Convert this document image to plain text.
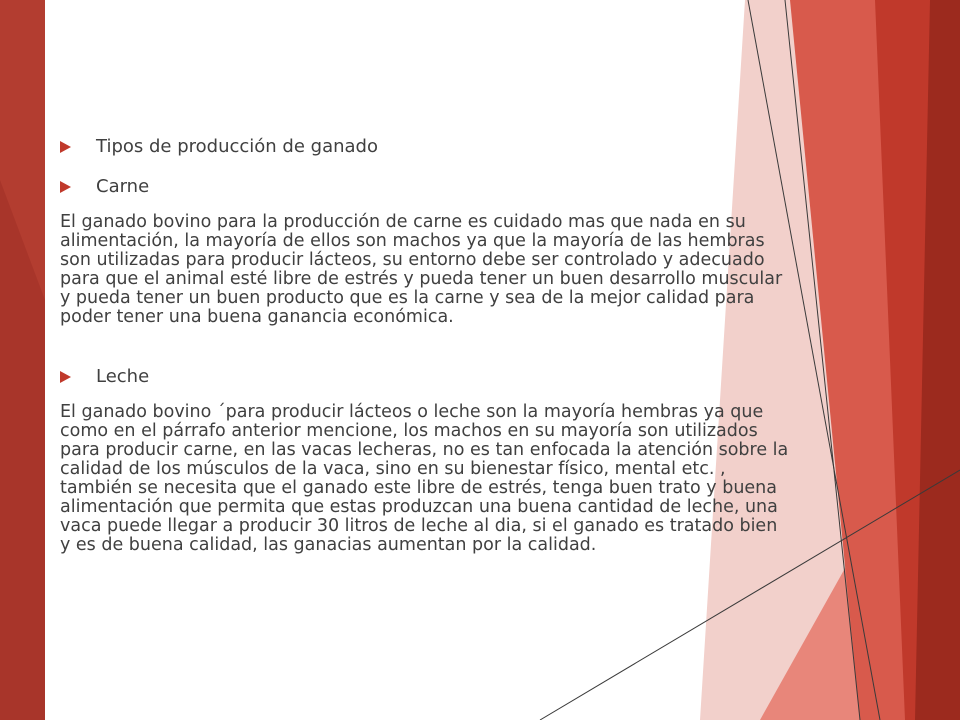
Tipos de producción de ganado
Carne
El ganado bovino para la producción de carne es cuidado mas que nada en su
alimentación, la mayoría de ellos son machos ya que la mayoría de las hembras
son utilizadas para producir lácteos, su entorno debe ser controlado y adecuado
para que el animal esté libre de estrés y pueda tener un buen desarrollo muscular
y pueda tener un buen producto que es la carne y sea de la mejor calidad para
poder tener una buena ganancia económica.
Leche
El ganado bovino ´para producir lácteos o leche son la mayoría hembras ya que
como en el párrafo anterior mencione, los machos en su mayoría son utilizados
para producir carne, en las vacas lecheras, no es tan enfocada la atención sobre la
calidad de los músculos de la vaca, sino en su bienestar físico, mental etc. ,
también se necesita que el ganado este libre de estrés, tenga buen trato y buena
alimentación que permita que estas produzcan una buena cantidad de leche, una
vaca puede llegar a producir 30 litros de leche al dia, si el ganado es tratado bien
y es de buena calidad, las ganacias aumentan por la calidad.
